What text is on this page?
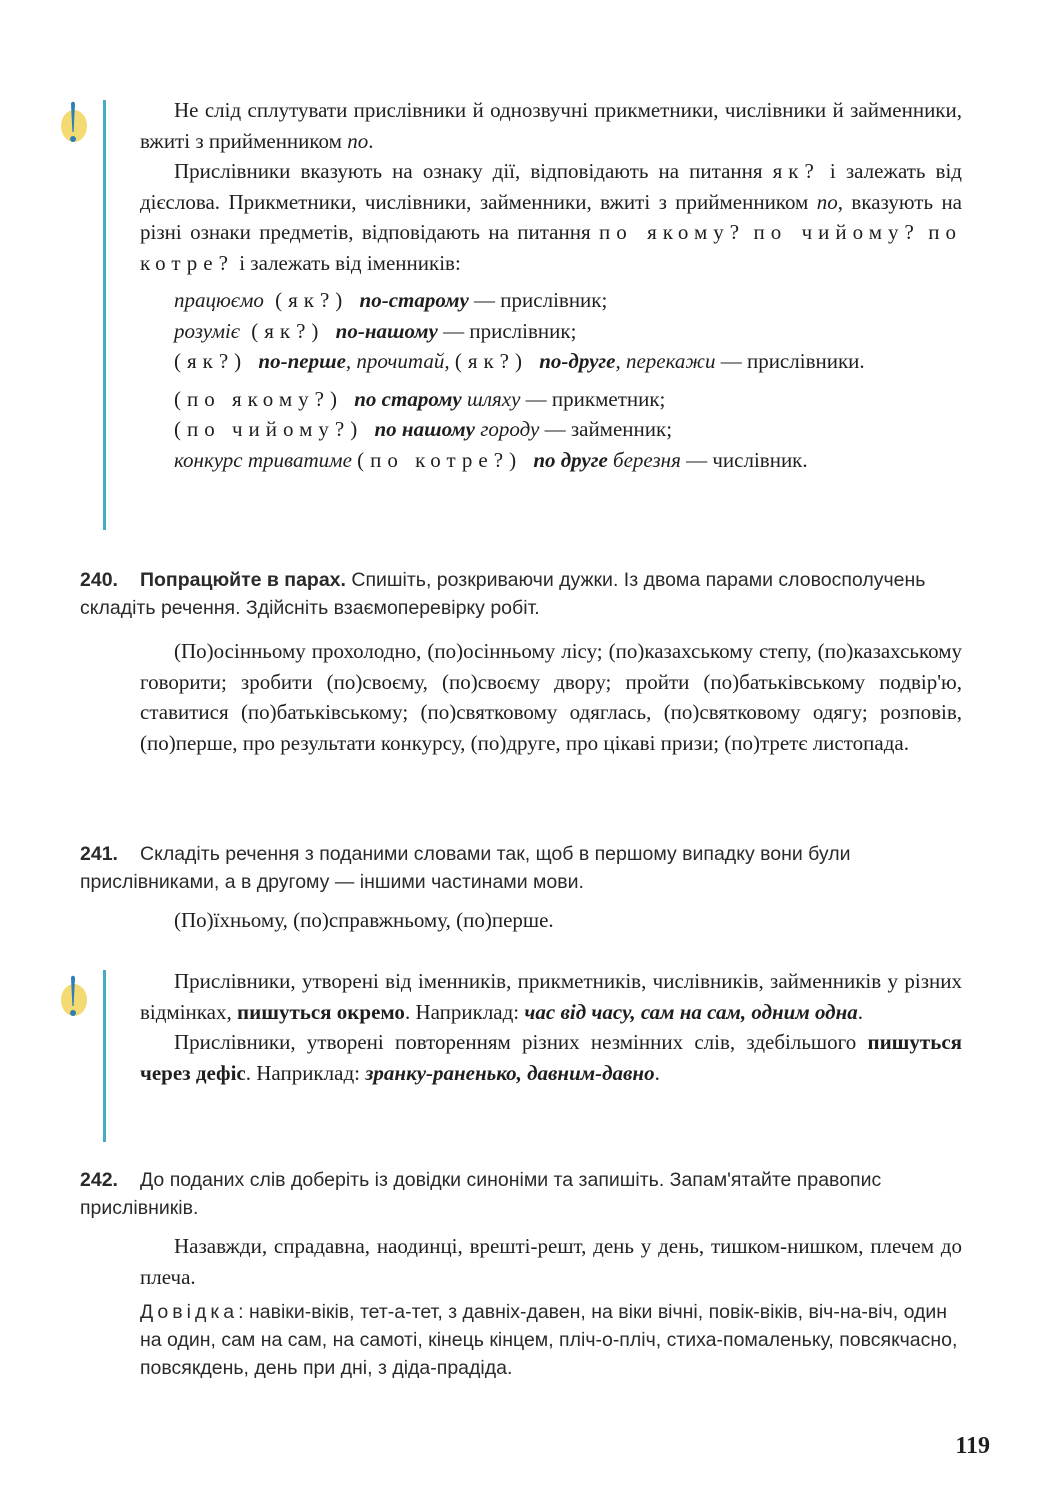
Не слід сплутувати прислівники й однозвучні прикметники, числівники й займенники, вжиті з прийменником по.

Прислівники вказують на ознаку дії, відповідають на питання як? і залежать від дієслова. Прикметники, числівники, займенники, вжиті з прийменником по, вказують на різні ознаки предметів, відповідають на питання по якому? по чийому? по котре? і залежать від іменників:

працюємо (як?) по-старому — прислівник;
розуміє (як?) по-нашому — прислівник;
(як?) по-перше, прочитай, (як?) по-друге, перекажи — прислівники.
(по якому?) по старому шляху — прикметник;
(по чийому?) по нашому городу — займенник;
конкурс триватиме (по котре?) по друге березня — числівник.
240. Попрацюйте в парах. Спишіть, розкриваючи дужки. Із двома парами словосполучень складіть речення. Здійсніть взаємоперевірку робіт.
(По)осінньому прохолодно, (по)осінньому лісу; (по)казахському степу, (по)казахському говорити; зробити (по)своєму, (по)своєму двору; пройти (по)батьківському подвір'ю, ставитися (по)батьківському; (по)святковому одяглась, (по)святковому одягу; розповів, (по)перше, про результати конкурсу, (по)друге, про цікаві призи; (по)третє листопада.
241. Складіть речення з поданими словами так, щоб в першому випадку вони були прислівниками, а в другому — іншими частинами мови.
(По)їхньому, (по)справжньому, (по)перше.

Прислівники, утворені від іменників, прикметників, числівників, займенників у різних відмінках, пишуться окремо. Наприклад: час від часу, сам на сам, одним одна.

Прислівники, утворені повторенням різних незмінних слів, здебільшого пишуться через дефіс. Наприклад: зранку-раненько, давним-давно.

242. До поданих слів доберіть із довідки синоніми та запишіть. Запам'ятайте правопис прислівників.
Назавжди, спрадавна, наодинці, врешті-решт, день у день, тишком-нишком, плечем до плеча.
Довідка: навіки-віків, тет-а-тет, з давніх-давен, на віки вічні, повік-віків, віч-на-віч, один на один, сам на сам, на самоті, кінець кінцем, пліч-о-пліч, стиха-помаленьку, повсякчасно, повсякдень, день при дні, з діда-прадіда.
119
